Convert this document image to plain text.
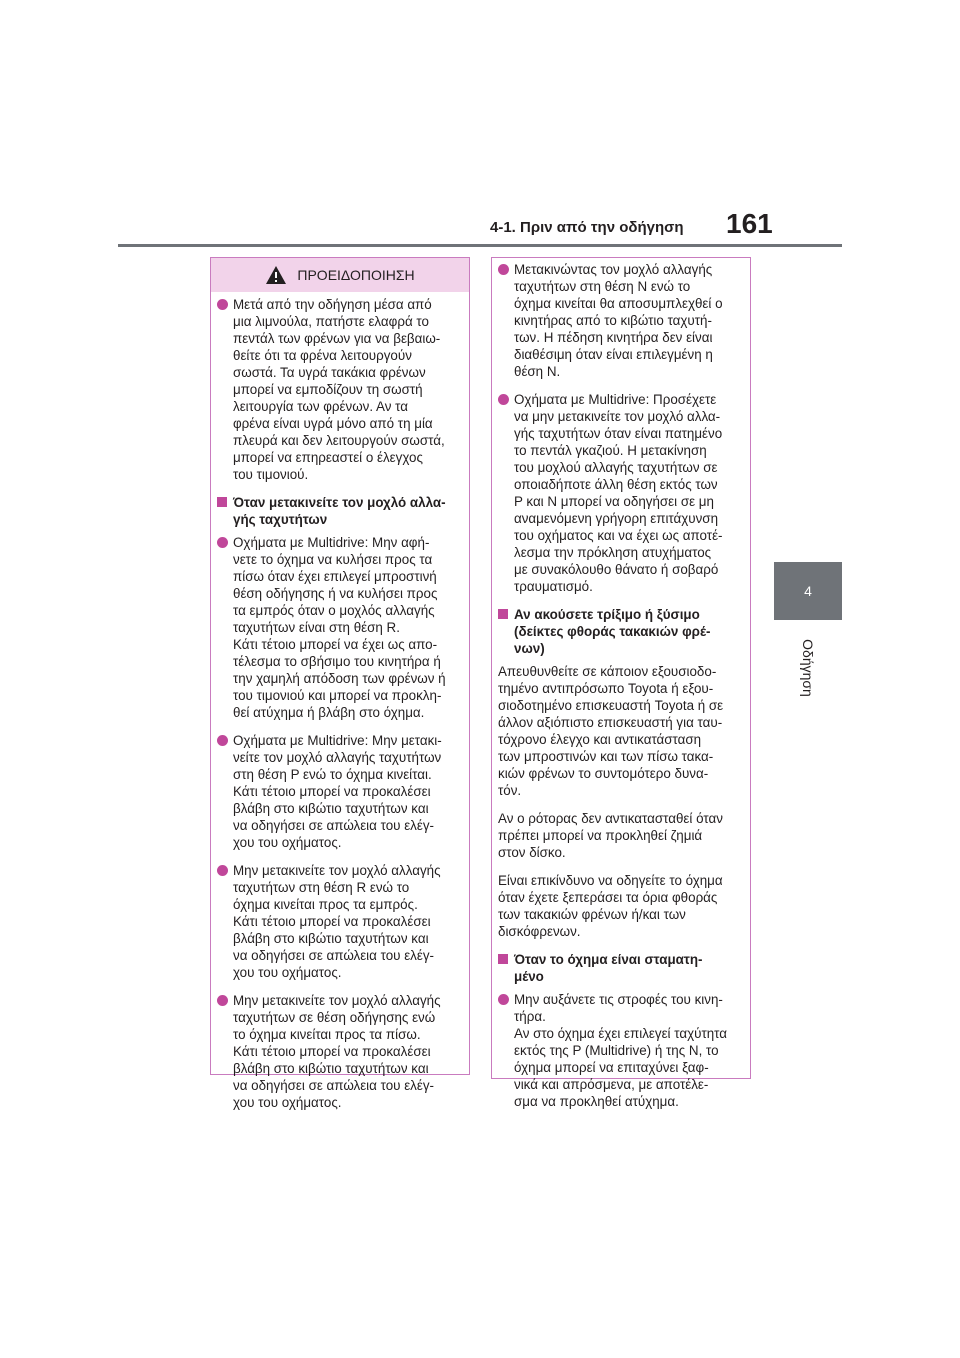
4-1. Πριν από την οδήγηση 161
4
Οδήγηση
ΠΡΟΕΙΔΟΠΟΙΗΣΗ
Μετά από την οδήγηση μέσα από
μια λιμνούλα, πατήστε ελαφρά το
πεντάλ των φρένων για να βεβαιω-
θείτε ότι τα φρένα λειτουργούν
σωστά. Τα υγρά τακάκια φρένων
μπορεί να εμποδίζουν τη σωστή
λειτουργία των φρένων. Αν τα
φρένα είναι υγρά μόνο από τη μία
πλευρά και δεν λειτουργούν σωστά,
μπορεί να επηρεαστεί ο έλεγχος
του τιμονιού.
Όταν μετακινείτε τον μοχλό αλλα-
γής ταχυτήτων
Οχήματα με Multidrive: Μην αφή-
νετε το όχημα να κυλήσει προς τα
πίσω όταν έχει επιλεγεί μπροστινή
θέση οδήγησης ή να κυλήσει προς
τα εμπρός όταν ο μοχλός αλλαγής
ταχυτήτων είναι στη θέση R.
Κάτι τέτοιο μπορεί να έχει ως απο-
τέλεσμα το σβήσιμο του κινητήρα ή
την χαμηλή απόδοση των φρένων ή
του τιμονιού και μπορεί να προκλη-
θεί ατύχημα ή βλάβη στο όχημα.
Οχήματα με Multidrive: Μην μετακι-
νείτε τον μοχλό αλλαγής ταχυτήτων
στη θέση P ενώ το όχημα κινείται.
Κάτι τέτοιο μπορεί να προκαλέσει
βλάβη στο κιβώτιο ταχυτήτων και
να οδηγήσει σε απώλεια του ελέγ-
χου του οχήματος.
Μην μετακινείτε τον μοχλό αλλαγής
ταχυτήτων στη θέση R ενώ το
όχημα κινείται προς τα εμπρός.
Κάτι τέτοιο μπορεί να προκαλέσει
βλάβη στο κιβώτιο ταχυτήτων και
να οδηγήσει σε απώλεια του ελέγ-
χου του οχήματος.
Μην μετακινείτε τον μοχλό αλλαγής
ταχυτήτων σε θέση οδήγησης ενώ
το όχημα κινείται προς τα πίσω.
Κάτι τέτοιο μπορεί να προκαλέσει
βλάβη στο κιβώτιο ταχυτήτων και
να οδηγήσει σε απώλεια του ελέγ-
χου του οχήματος.
Μετακινώντας τον μοχλό αλλαγής
ταχυτήτων στη θέση N ενώ το
όχημα κινείται θα αποσυμπλεχθεί ο
κινητήρας από το κιβώτιο ταχυτή-
των. Η πέδηση κινητήρα δεν είναι
διαθέσιμη όταν είναι επιλεγμένη η
θέση N.
Οχήματα με Multidrive: Προσέχετε
να μην μετακινείτε τον μοχλό αλλα-
γής ταχυτήτων όταν είναι πατημένο
το πεντάλ γκαζιού. Η μετακίνηση
του μοχλού αλλαγής ταχυτήτων σε
οποιαδήποτε άλλη θέση εκτός των
P και N μπορεί να οδηγήσει σε μη
αναμενόμενη γρήγορη επιτάχυνση
του οχήματος και να έχει ως αποτέ-
λεσμα την πρόκληση ατυχήματος
με συνακόλουθο θάνατο ή σοβαρό
τραυματισμό.
Αν ακούσετε τρίξιμο ή ξύσιμο
(δείκτες φθοράς τακακιών φρέ-
νων)
Απευθυνθείτε σε κάποιον εξουσιοδο-
τημένο αντιπρόσωπο Toyota ή εξου-
σιοδοτημένο επισκευαστή Toyota ή σε
άλλον αξιόπιστο επισκευαστή για ταυ-
τόχρονο έλεγχο και αντικατάσταση
των μπροστινών και των πίσω τακα-
κιών φρένων το συντομότερο δυνα-
τόν.
Αν ο ρότορας δεν αντικατασταθεί όταν
πρέπει μπορεί να προκληθεί ζημιά
στον δίσκο.
Είναι επικίνδυνο να οδηγείτε το όχημα
όταν έχετε ξεπεράσει τα όρια φθοράς
των τακακιών φρένων ή/και των
δισκόφρενων.
Όταν το όχημα είναι σταματη-
μένο
Μην αυξάνετε τις στροφές του κινη-
τήρα.
Αν στο όχημα έχει επιλεγεί ταχύτητα
εκτός της P (Multidrive) ή της N, το
όχημα μπορεί να επιταχύνει ξαφ-
νικά και απρόσμενα, με αποτέλε-
σμα να προκληθεί ατύχημα.
